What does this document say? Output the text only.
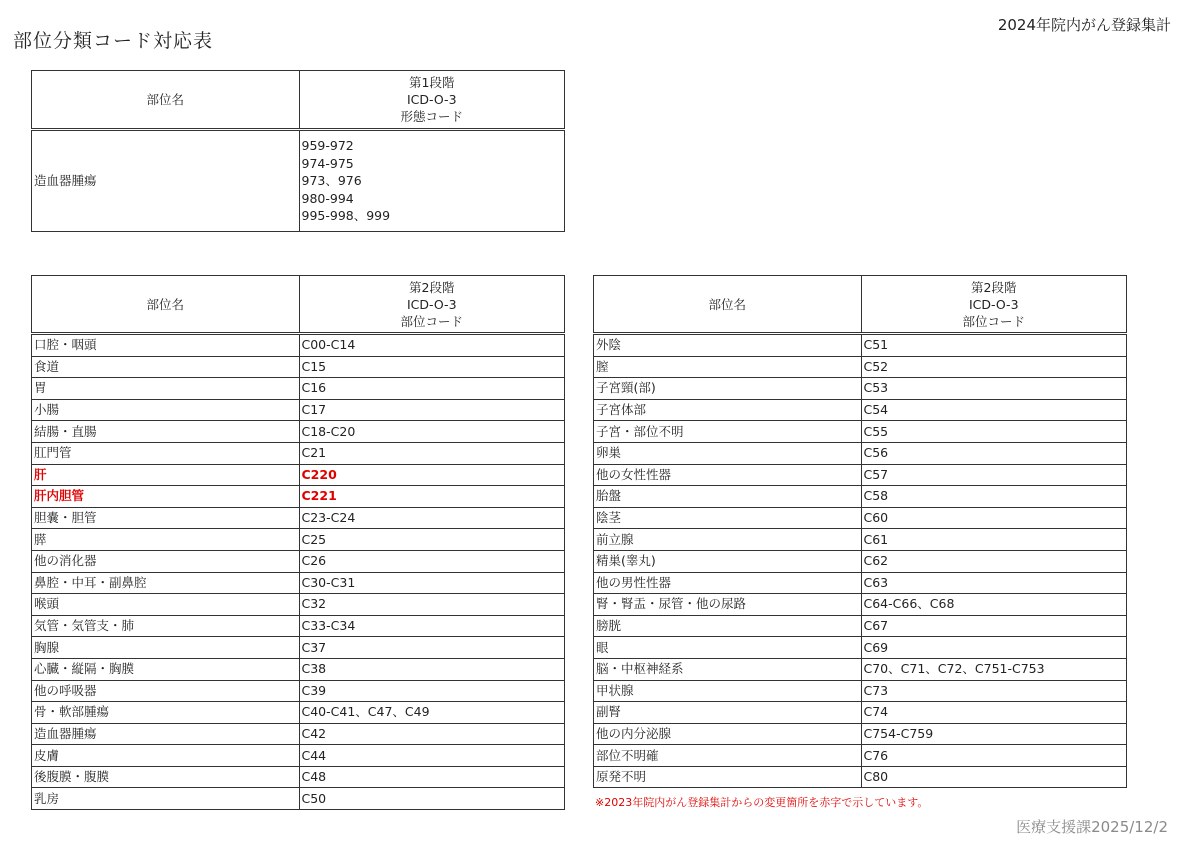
部位分類コード対応表
2024年院内がん登録集計
部位名	第1段階
ICD-O-3
形態コード

造血器腫瘍	959-972
974-975
973、976
980-994
995-998、999
部位名	第2段階
ICD-O-3
部位コード

口腔・咽頭	C00-C14
食道	C15
胃	C16
小腸	C17
結腸・直腸	C18-C20
肛門管	C21
肝	C220
肝内胆管	C221
胆嚢・胆管	C23-C24
膵	C25
他の消化器	C26
鼻腔・中耳・副鼻腔	C30-C31
喉頭	C32
気管・気管支・肺	C33-C34
胸腺	C37
心臓・縦隔・胸膜	C38
他の呼吸器	C39
骨・軟部腫瘍	C40-C41、C47、C49
造血器腫瘍	C42
皮膚	C44
後腹膜・腹膜	C48
乳房	C50
部位名	第2段階
ICD-O-3
部位コード

外陰	C51
膣	C52
子宮頸(部)	C53
子宮体部	C54
子宮・部位不明	C55
卵巣	C56
他の女性性器	C57
胎盤	C58
陰茎	C60
前立腺	C61
精巣(睾丸)	C62
他の男性性器	C63
腎・腎盂・尿管・他の尿路	C64-C66、C68
膀胱	C67
眼	C69
脳・中枢神経系	C70、C71、C72、C751-C753
甲状腺	C73
副腎	C74
他の内分泌腺	C754-C759
部位不明確	C76
原発不明	C80
※2023年院内がん登録集計からの変更箇所を赤字で示しています。
医療支援課2025/12/2
